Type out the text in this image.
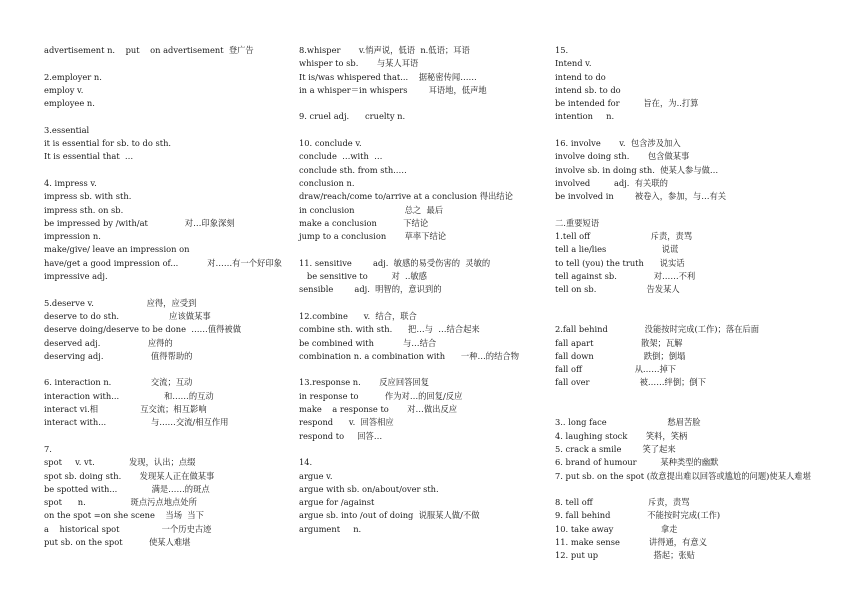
advertisement n.    put    on advertisement  登广告
2.employer n.
employ v.
employee n.
3.essential
it is essential for sb. to do sth.
It is essential that  …
4. impress v.
impress sb. with sth.
impress sth. on sb.
be impressed by /with/at              对…印象深刻
impression n.
make/give/ leave an impression on
have/get a good impression of...           对……有一个好印象
impressive adj.
5.deserve v.                    应得，应受到
deserve to do sth.                   应该做某事
deserve doing/deserve to be done  ……值得被做
deserved adj.                  应得的
deserving adj.                  值得帮助的
6. interaction n.               交流；互动
interaction with...                 和……的互动
interact vi.相                互交流；相互影响
interact with...                 与……交流/相互作用
7.
spot     v. vt.             发现，认出；点缀
spot sb. doing sth.       发现某人正在做某事
be spotted with...             满是……的斑点
spot      n.                 斑点污点地点处所
on the spot =on she scene    当场  当下
a    historical spot                一个历史古迹
put sb. on the spot          使某人难堪
8.whisper       v.悄声说，低语  n.低语；耳语
whisper to sb.       与某人耳语
It is/was whispered that...    据秘密传闻……
in a whisper＝in whispers        耳语地，低声地
9. cruel adj.      cruelty n.
10. conclude v.
conclude  …with  …
conclude sth. from sth.….
conclusion n.
draw/reach/come to/arrive at a conclusion 得出结论
in conclusion                   总之  最后
make a conclusion          下结论
jump to a conclusion       草率下结论
11. sensitive        adj.  敏感的易受伤害的  灵敏的
be sensitive to         对  ..敏感
sensible        adj.  明智的，意识到的
12.combine      v.  结合，联合
combine sth. with sth.      把…与  …结合起来
be combined with           与…结合
combination n. a combination with      一种…的结合物
13.response n.       反应回答回复
in response to          作为对…的回复/反应
make    a response to       对…做出反应
respond      v.  回答相应
respond to     回答…
14.
argue v.
argue with sb. on/about/over sth.
argue for /against
argue sb. into /out of doing  说服某人做/不做
argument     n.
15.
Intend v.
intend to do
intend sb. to do
be intended for         旨在，为..打算
intention     n.
16. involve       v.  包含涉及加入
involve doing sth.       包含做某事
involve sb. in doing sth.  使某人参与做…
involved         adj.  有关联的
be involved in        被卷入，参加，与…有关
二.重要短语
1.tell off                       斥责，责骂
tell a lie/lies                     说谎
to tell (you) the truth      说实话
tell against sb.              对……不利
tell on sb.                   告发某人
2.fall behind              没能按时完成(工作)；落在后面
fall apart                  散架；瓦解
fall down                   跌倒；倒塌
fall off                    从……掉下
fall over                   被……绊倒；倒下
3.. long face                       愁眉苦脸
4. laughing stock       笑料，笑柄
5. crack a smile        笑了起来
6. brand of humour         某种类型的幽默
7. put sb. on the spot (故意提出难以回答或尴尬的问题)使某人难堪
8. tell off                     斥责，责骂
9. fall behind              不能按时完成(工作)
10. take away                  拿走
11. make sense           讲得通，有意义
12. put up                     搭起；张贴
